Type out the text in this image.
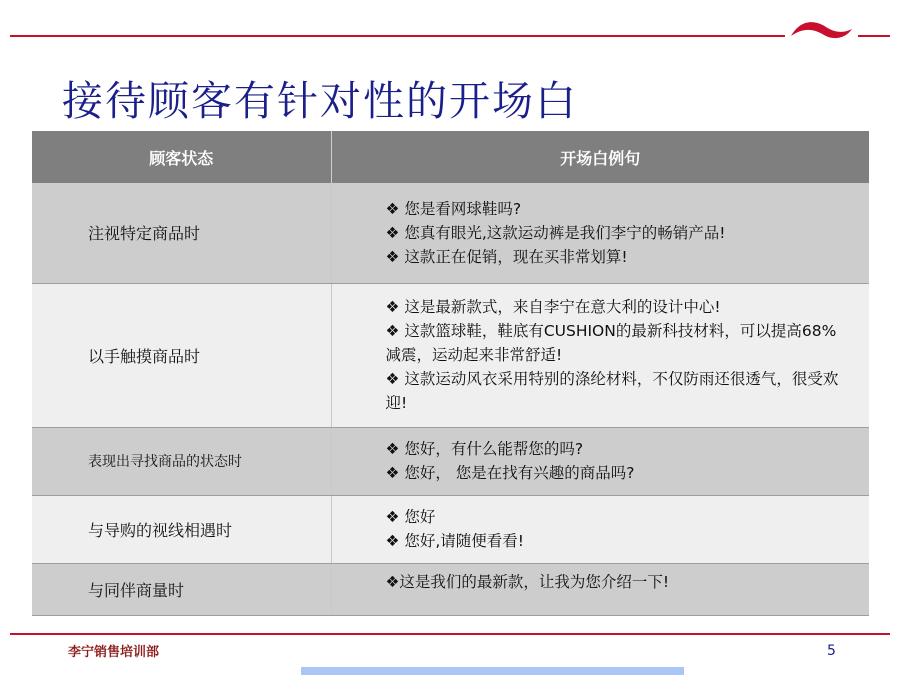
接待顾客有针对性的开场白
顾客状态	开场白例句
注视特定商品时	❖ 您是看网球鞋吗?
❖ 您真有眼光,这款运动裤是我们李宁的畅销产品!
❖ 这款正在促销，现在买非常划算!

以手触摸商品时	❖ 这是最新款式，来自李宁在意大利的设计中心!
❖ 这款篮球鞋，鞋底有CUSHION的最新科技材料，可以提高68%减震，运动起来非常舒适!
❖ 这款运动风衣采用特别的涤纶材料，不仅防雨还很透气，很受欢迎!

表现出寻找商品的状态时	❖ 您好，有什么能帮您的吗?
❖ 您好， 您是在找有兴趣的商品吗?

与导购的视线相遇时	❖ 您好
❖ 您好,请随便看看!

与同伴商量时	❖这是我们的最新款，让我为您介绍一下!
李宁销售培训部	5
